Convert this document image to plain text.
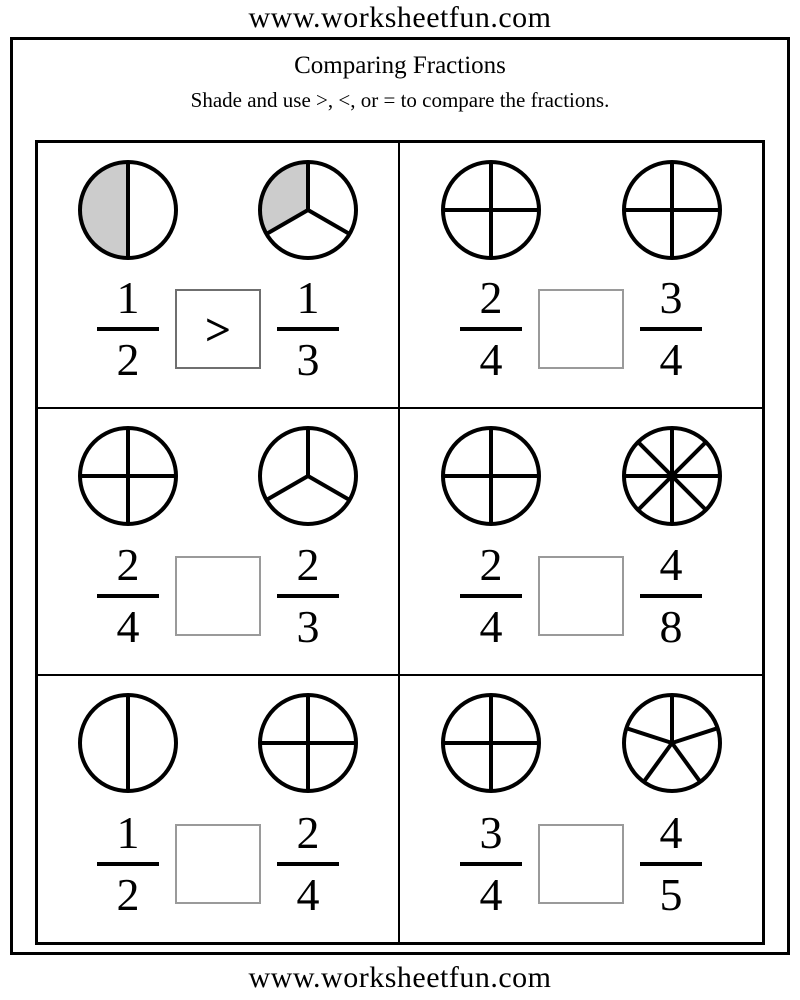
www.worksheetfun.com
Comparing Fractions
Shade and use >, <, or = to compare the fractions.
$\frac{1}{2} > \frac{1}{3} \frac{2}{4} \frac{3}{4}$
$\frac{2}{4} \frac{2}{3} \frac{2}{4} \frac{4}{8}$
$\frac{1}{2} \frac{2}{4} \frac{3}{4} \frac{4}{5}$
www.worksheetfun.com
